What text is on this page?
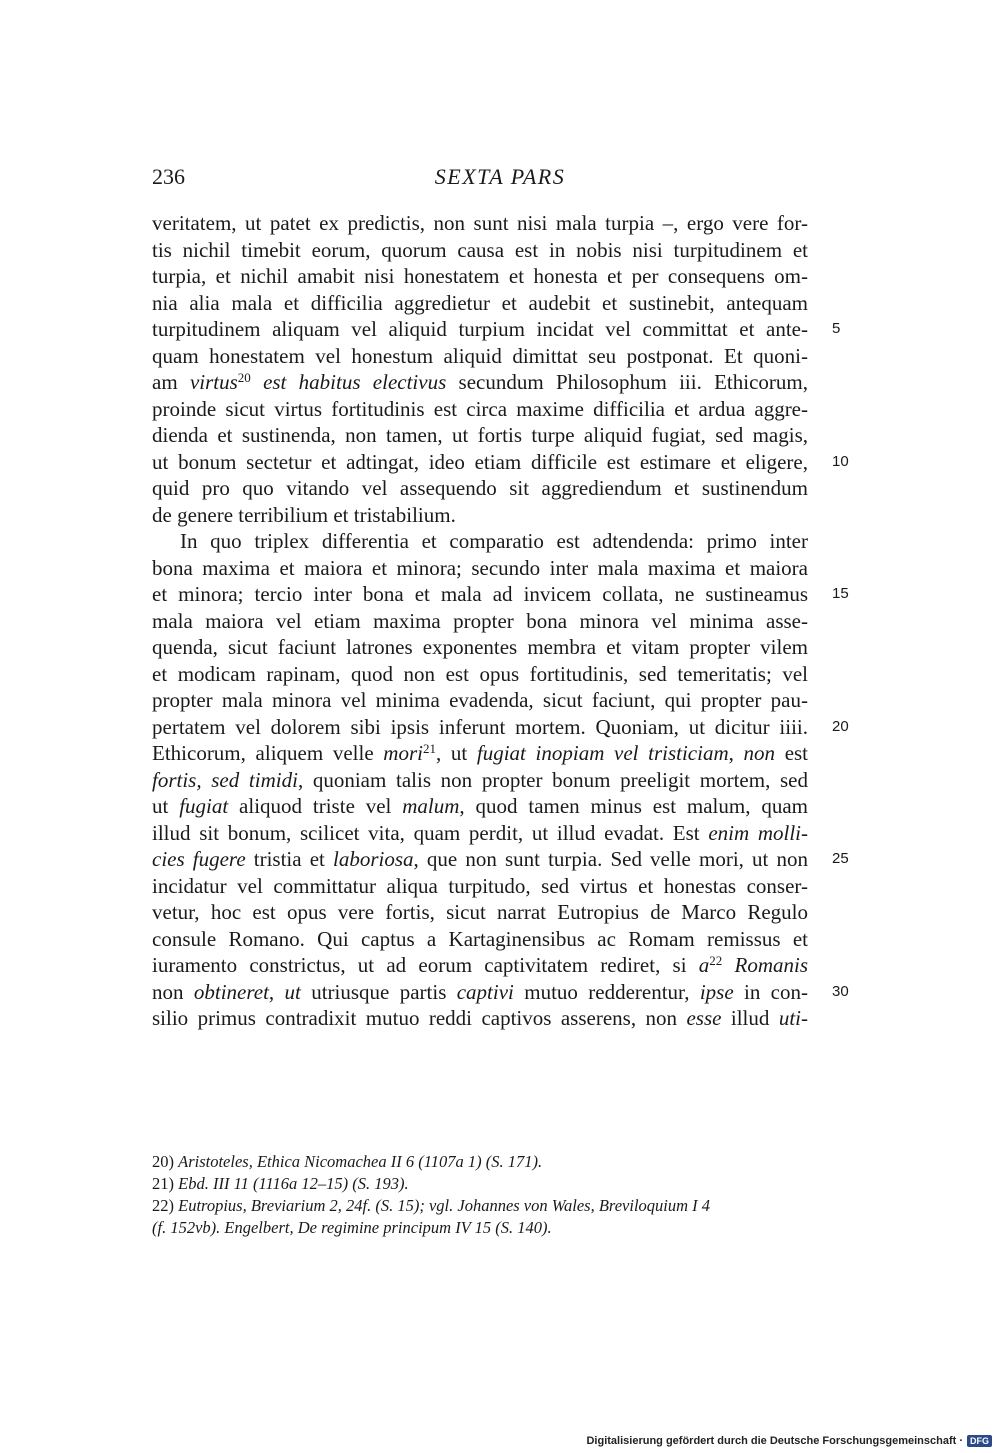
236	SEXTA PARS
veritatem, ut patet ex predictis, non sunt nisi mala turpia –, ergo vere for-
tis nichil timebit eorum, quorum causa est in nobis nisi turpitudinem et
turpia, et nichil amabit nisi honestatem et honesta et per consequens om-
nia alia mala et difficilia aggredietur et audebit et sustinebit, antequam
turpitudinem aliquam vel aliquid turpium incidat vel committat et ante- 5
quam honestatem vel honestum aliquid dimittat seu postponat. Et quoni-
am virtus$^{20}$ est habitus electivus secundum Philosophum iii. Ethicorum,
proinde sicut virtus fortitudinis est circa maxime difficilia et ardua aggre-
dienda et sustinenda, non tamen, ut fortis turpe aliquid fugiat, sed magis,
ut bonum sectetur et adtingat, ideo etiam difficile est estimare et eligere, 10
quid pro quo vitando vel assequendo sit aggrediendum et sustinendum
de genere terribilium et tristabilium.
In quo triplex differentia et comparatio est adtendenda: primo inter
bona maxima et maiora et minora; secundo inter mala maxima et maiora
et minora; tercio inter bona et mala ad invicem collata, ne sustineamus 15
mala maiora vel etiam maxima propter bona minora vel minima asse-
quenda, sicut faciunt latrones exponentes membra et vitam propter vilem
et modicam rapinam, quod non est opus fortitudinis, sed temeritatis; vel
propter mala minora vel minima evadenda, sicut faciunt, qui propter pau-
pertatem vel dolorem sibi ipsis inferunt mortem. Quoniam, ut dicitur iiii. 20
Ethicorum, aliquem velle mori$^{21}$, ut fugiat inopiam vel tristiciam, non est
fortis, sed timidi, quoniam talis non propter bonum preeligit mortem, sed
ut fugiat aliquod triste vel malum, quod tamen minus est malum, quam
illud sit bonum, scilicet vita, quam perdit, ut illud evadat. Est enim molli-
cies fugere tristia et laboriosa, que non sunt turpia. Sed velle mori, ut non 25
incidatur vel committatur aliqua turpitudo, sed virtus et honestas conser-
vetur, hoc est opus vere fortis, sicut narrat Eutropius de Marco Regulo
consule Romano. Qui captus a Kartaginensibus ac Romam remissus et
iuramento constrictus, ut ad eorum captivitatem rediret, si $a^{22}$ Romanis
non obtineret, ut utriusque partis captivi mutuo redderentur, ipse in con- 30
silio primus contradixit mutuo reddi captivos asserens, non esse illud uti-
20) Aristoteles, Ethica Nicomachea II 6 (1107a 1) (S. 171).
21) Ebd. III 11 (1116a 12–15) (S. 193).
22) Eutropius, Breviarium 2, 24f. (S. 15); vgl. Johannes von Wales, Breviloquium I 4
(f. 152vb). Engelbert, De regimine principum IV 15 (S. 140).
Digitalisierung gefördert durch die Deutsche Forschungsgemeinschaft · DFG
